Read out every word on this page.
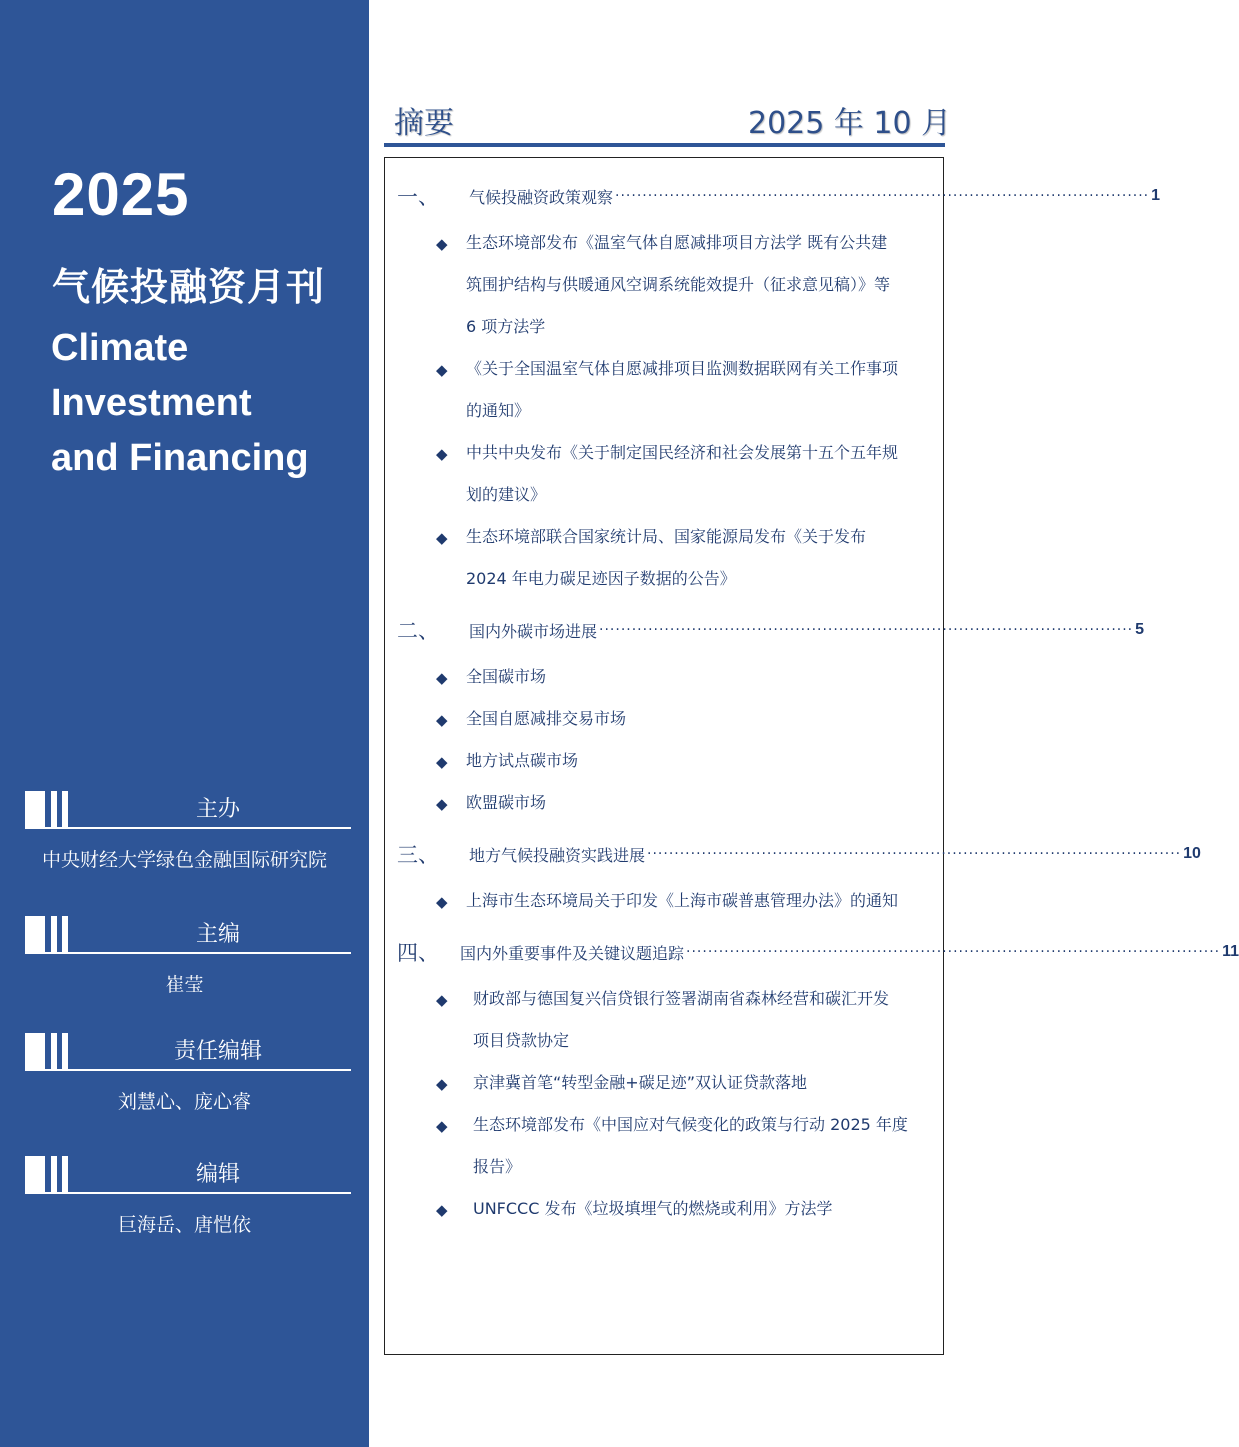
2025
气候投融资月刊
Climate
Investment
and Financing
主办
中央财经大学绿色金融国际研究院
主编
崔莹
责任编辑
刘慧心、庞心睿
编辑
巨海岳、唐恺依
摘要	2025 年 10 月
一、	气候投融资政策观察 ·································································································· 1
◆ 生态环境部发布《温室气体自愿减排项目方法学 既有公共建
筑围护结构与供暖通风空调系统能效提升（征求意见稿）》等
6 项方法学
◆ 《关于全国温室气体自愿减排项目监测数据联网有关工作事项
的通知》
◆ 中共中央发布《关于制定国民经济和社会发展第十五个五年规
划的建议》
◆ 生态环境部联合国家统计局、国家能源局发布《关于发布
2024 年电力碳足迹因子数据的公告》
二、	国内外碳市场进展 ·································································································· 5
◆ 全国碳市场
◆ 全国自愿减排交易市场
◆ 地方试点碳市场
◆ 欧盟碳市场
三、	地方气候投融资实践进展 ·································································································· 10
◆ 上海市生态环境局关于印发《上海市碳普惠管理办法》的通知
四、	国内外重要事件及关键议题追踪 ·································································································· 11
◆ 财政部与德国复兴信贷银行签署湖南省森林经营和碳汇开发
项目贷款协定
◆ 京津冀首笔“转型金融+碳足迹”双认证贷款落地
◆ 生态环境部发布《中国应对气候变化的政策与行动 2025 年度
报告》
◆ UNFCCC 发布《垃圾填埋气的燃烧或利用》方法学
